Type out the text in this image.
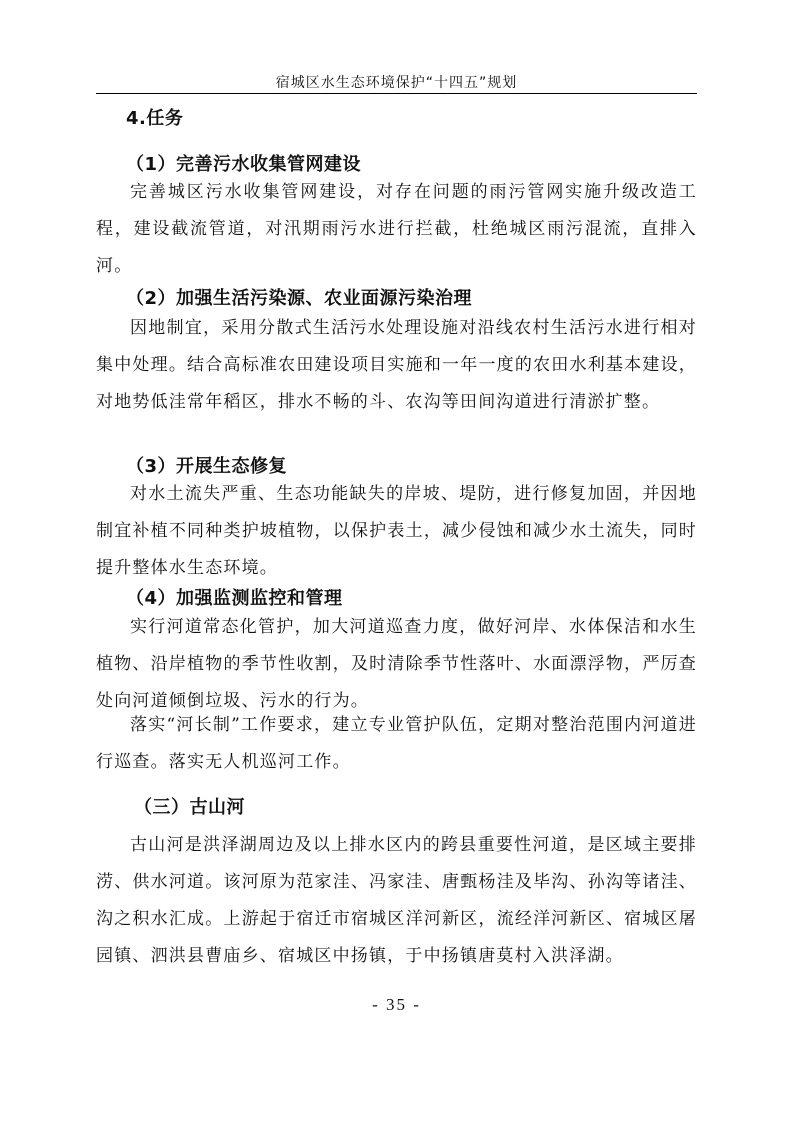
宿城区水生态环境保护“十四五”规划
4.任务
（1）完善污水收集管网建设

完善城区污水收集管网建设，对存在问题的雨污管网实施升级改造工程，建设截流管道，对汛期雨污水进行拦截，杜绝城区雨污混流，直排入河。

（2）加强生活污染源、农业面源污染治理

因地制宜，采用分散式生活污水处理设施对沿线农村生活污水进行相对集中处理。结合高标准农田建设项目实施和一年一度的农田水利基本建设，对地势低洼常年稻区，排水不畅的斗、农沟等田间沟道进行清淤扩整。

（3）开展生态修复

对水土流失严重、生态功能缺失的岸坡、堤防，进行修复加固，并因地制宜补植不同种类护坡植物，以保护表土，减少侵蚀和减少水土流失，同时提升整体水生态环境。

（4）加强监测监控和管理

实行河道常态化管护，加大河道巡查力度，做好河岸、水体保洁和水生植物、沿岸植物的季节性收割，及时清除季节性落叶、水面漂浮物，严厉查处向河道倾倒垃圾、污水的行为。

落实“河长制”工作要求，建立专业管护队伍，定期对整治范围内河道进行巡查。落实无人机巡河工作。

（三）古山河

古山河是洪泽湖周边及以上排水区内的跨县重要性河道，是区域主要排涝、供水河道。该河原为范家洼、冯家洼、唐甄杨洼及毕沟、孙沟等诸洼、沟之积水汇成。上游起于宿迁市宿城区洋河新区，流经洋河新区、宿城区屠园镇、泗洪县曹庙乡、宿城区中扬镇，于中扬镇唐莫村入洪泽湖。

- 35 -
